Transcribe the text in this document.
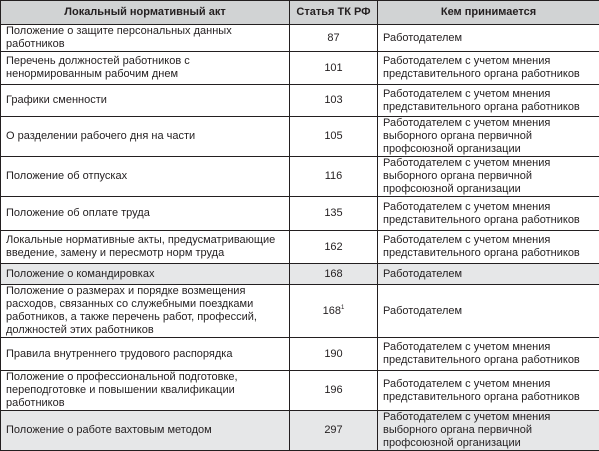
Локальный нормативный акт	Статья ТК РФ	Кем принимается
Положение о защите персональных данных работников	87	Работодателем
Перечень должностей работников с ненормированным рабочим днем	101	Работодателем с учетом мнения представительного органа работников
Графики сменности	103	Работодателем с учетом мнения представительного органа работников
О разделении рабочего дня на части	105	Работодателем с учетом мнения выборного органа первичной профсоюзной организации
Положение об отпусках	116	Работодателем с учетом мнения выборного органа первичной профсоюзной организации
Положение об оплате труда	135	Работодателем с учетом мнения представительного органа работников
Локальные нормативные акты, предусматривающие введение, замену и пересмотр норм труда	162	Работодателем с учетом мнения представительного органа работников
Положение о командировках	168	Работодателем
Положение о размерах и порядке возмещения расходов, связанных со служебными поездками работников, а также перечень работ, профессий, должностей этих работников	$168^1$	Работодателем
Правила внутреннего трудового распорядка	190	Работодателем с учетом мнения представительного органа работников
Положение о профессиональной подготовке, переподготовке и повышении квалификации работников	196	Работодателем с учетом мнения представительного органа работников
Положение о работе вахтовым методом	297	Работодателем с учетом мнения выборного органа первичной профсоюзной организации
